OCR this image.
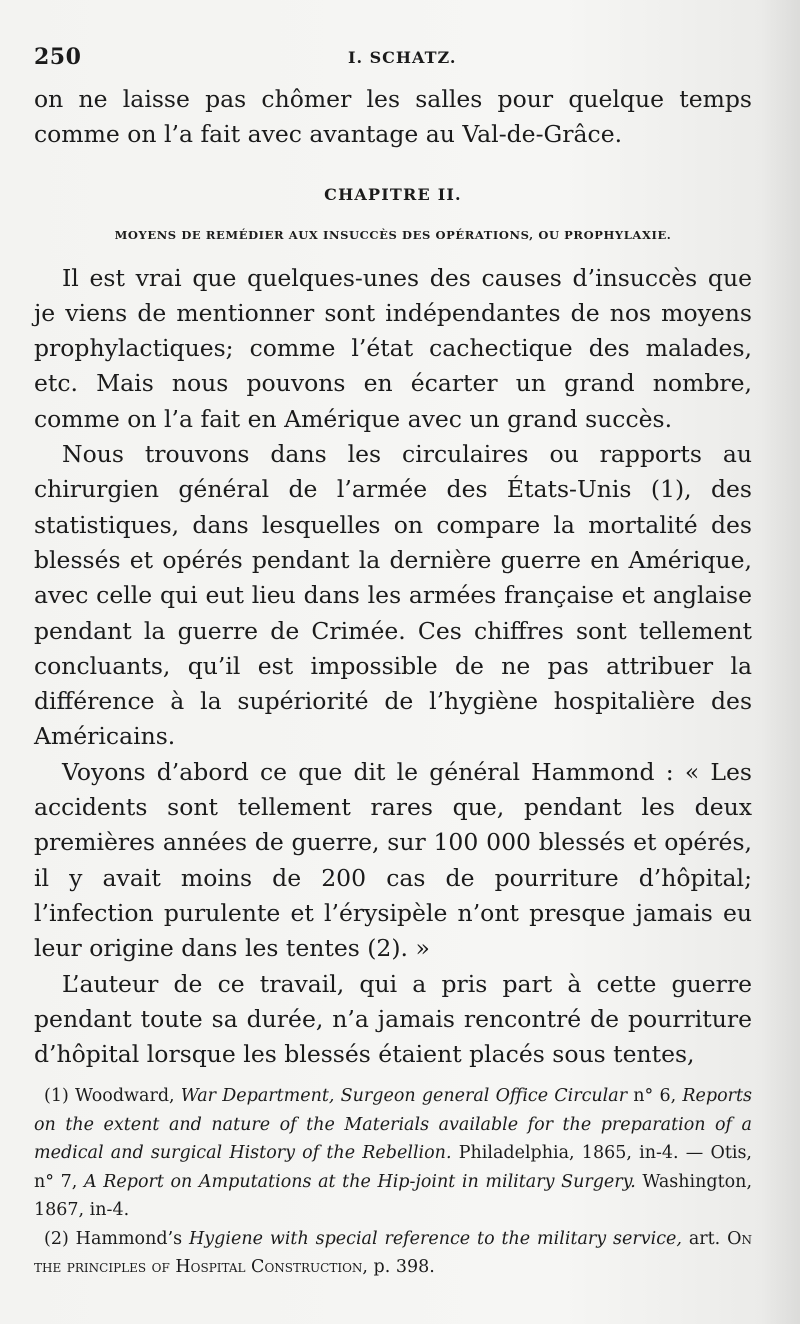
250	I. SCHATZ.

on ne laisse pas chômer les salles pour quelque temps comme on l’a fait avec avantage au Val-de-Grâce.

CHAPITRE II.
MOYENS DE REMÉDIER AUX INSUCCÈS DES OPÉRATIONS, OU PROPHYLAXIE.

Il est vrai que quelques-unes des causes d’insuccès que je viens de mentionner sont indépendantes de nos moyens prophylactiques; comme l’état cachectique des malades, etc. Mais nous pouvons en écarter un grand nombre, comme on l’a fait en Amérique avec un grand succès.

Nous trouvons dans les circulaires ou rapports au chirurgien général de l’armée des États-Unis (1), des statistiques, dans lesquelles on compare la mortalité des blessés et opérés pendant la dernière guerre en Amérique, avec celle qui eut lieu dans les armées française et anglaise pendant la guerre de Crimée. Ces chiffres sont tellement concluants, qu’il est impossible de ne pas attribuer la différence à la supériorité de l’hygiène hospitalière des Américains.

Voyons d’abord ce que dit le général Hammond : « Les accidents sont tellement rares que, pendant les deux premières années de guerre, sur 100 000 blessés et opérés, il y avait moins de 200 cas de pourriture d’hôpital; l’infection purulente et l’érysipèle n’ont presque jamais eu leur origine dans les tentes (2). »

L’auteur de ce travail, qui a pris part à cette guerre pendant toute sa durée, n’a jamais rencontré de pourriture d’hôpital lorsque les blessés étaient placés sous tentes,

(1) Woodward, War Department, Surgeon general Office Circular n° 6, Reports on the extent and nature of the Materials available for the preparation of a medical and surgical History of the Rebellion. Philadelphia, 1865, in-4. — Otis, n° 7, A Report on Amputations at the Hip-joint in military Surgery. Washington, 1867, in-4.

(2) Hammond’s Hygiene with special reference to the military service, art. On the principles of Hospital Construction, p. 398.
